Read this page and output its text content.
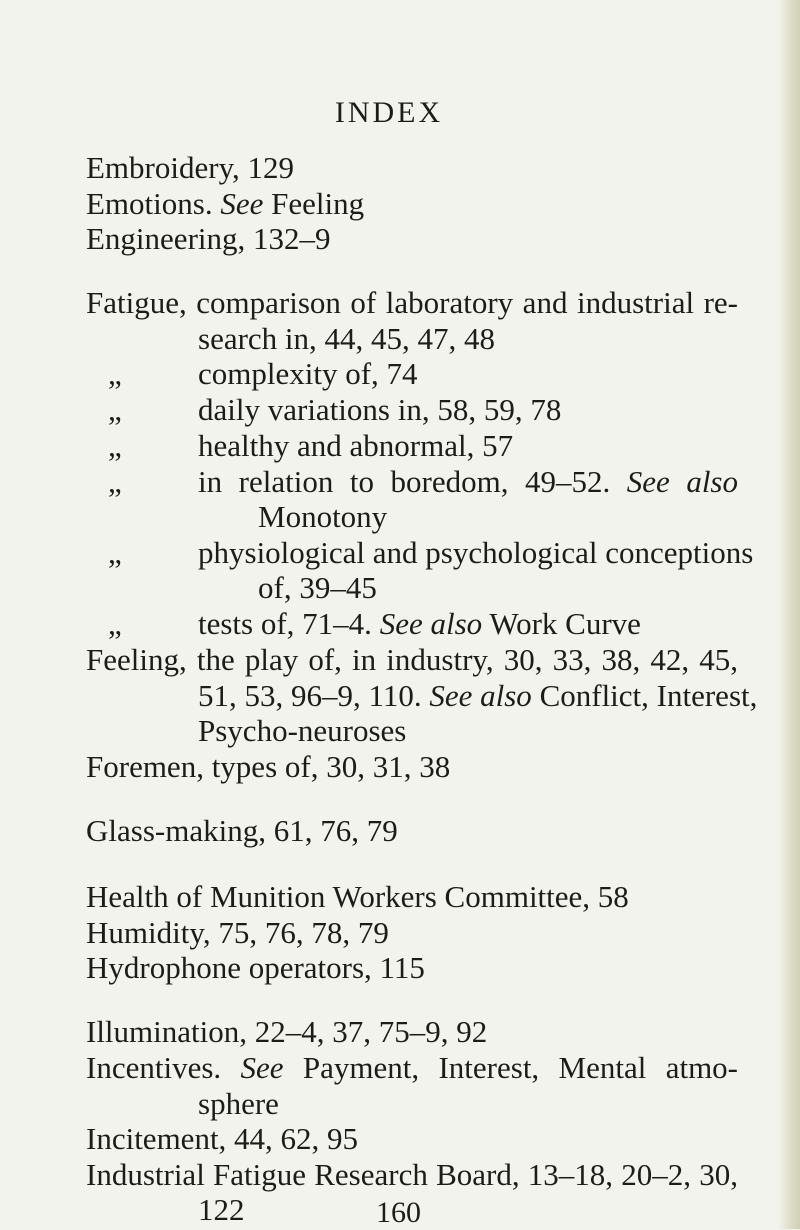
INDEX
Embroidery, 129
Emotions. See Feeling
Engineering, 132–9
Fatigue, comparison of laboratory and industrial re-
search in, 44, 45, 47, 48
„ complexity of, 74
„ daily variations in, 58, 59, 78
„ healthy and abnormal, 57
„ in relation to boredom, 49–52. See also
Monotony
„ physiological and psychological conceptions
of, 39–45
„ tests of, 71–4. See also Work Curve
Feeling, the play of, in industry, 30, 33, 38, 42, 45,
51, 53, 96–9, 110. See also Conflict, Interest,
Psycho-neuroses
Foremen, types of, 30, 31, 38
Glass-making, 61, 76, 79
Health of Munition Workers Committee, 58
Humidity, 75, 76, 78, 79
Hydrophone operators, 115
Illumination, 22–4, 37, 75–9, 92
Incentives. See Payment, Interest, Mental atmo-
sphere
Incitement, 44, 62, 95
Industrial Fatigue Research Board, 13–18, 20–2, 30,
122	160
